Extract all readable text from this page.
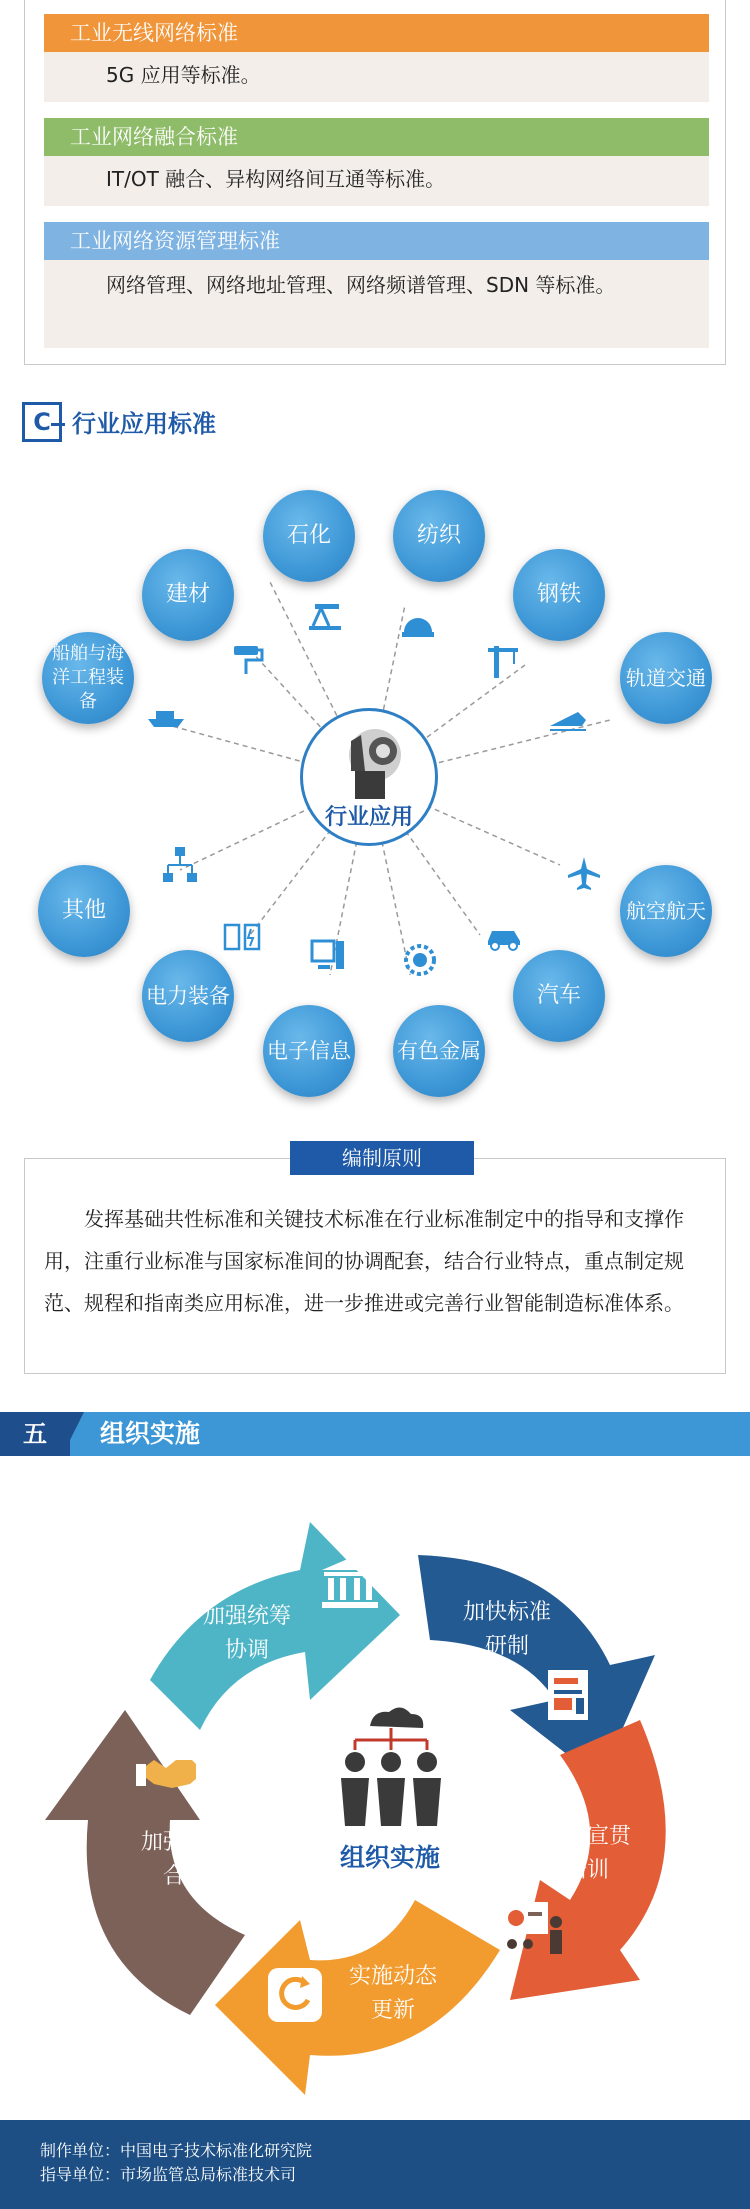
工业无线网络标准
5G 应用等标准。
工业网络融合标准
IT/OT 融合、异构网络间互通等标准。
工业网络资源管理标准
网络管理、网络地址管理、网络频谱管理、SDN 等标准。
C 行业应用标准
行业应用
石化	纺织
建材	钢铁
船舶与海洋工程装备
轨道交通
其他	航空航天
电力装备	汽车
电子信息 有色金属
编制原则
发挥基础共性标准和关键技术标准在行业标准制定中的指导和支撑作用，注重行业标准与国家标准间的协调配套，结合行业特点，重点制定规范、规程和指南类应用标准，进一步推进或完善行业智能制造标准体系。
五	组织实施
组织实施
加强统筹
协调
加快标准
研制
加强宣贯
培训
实施动态
更新
加强国际
合作
制作单位：中国电子技术标准化研究院
指导单位：市场监管总局标准技术司
